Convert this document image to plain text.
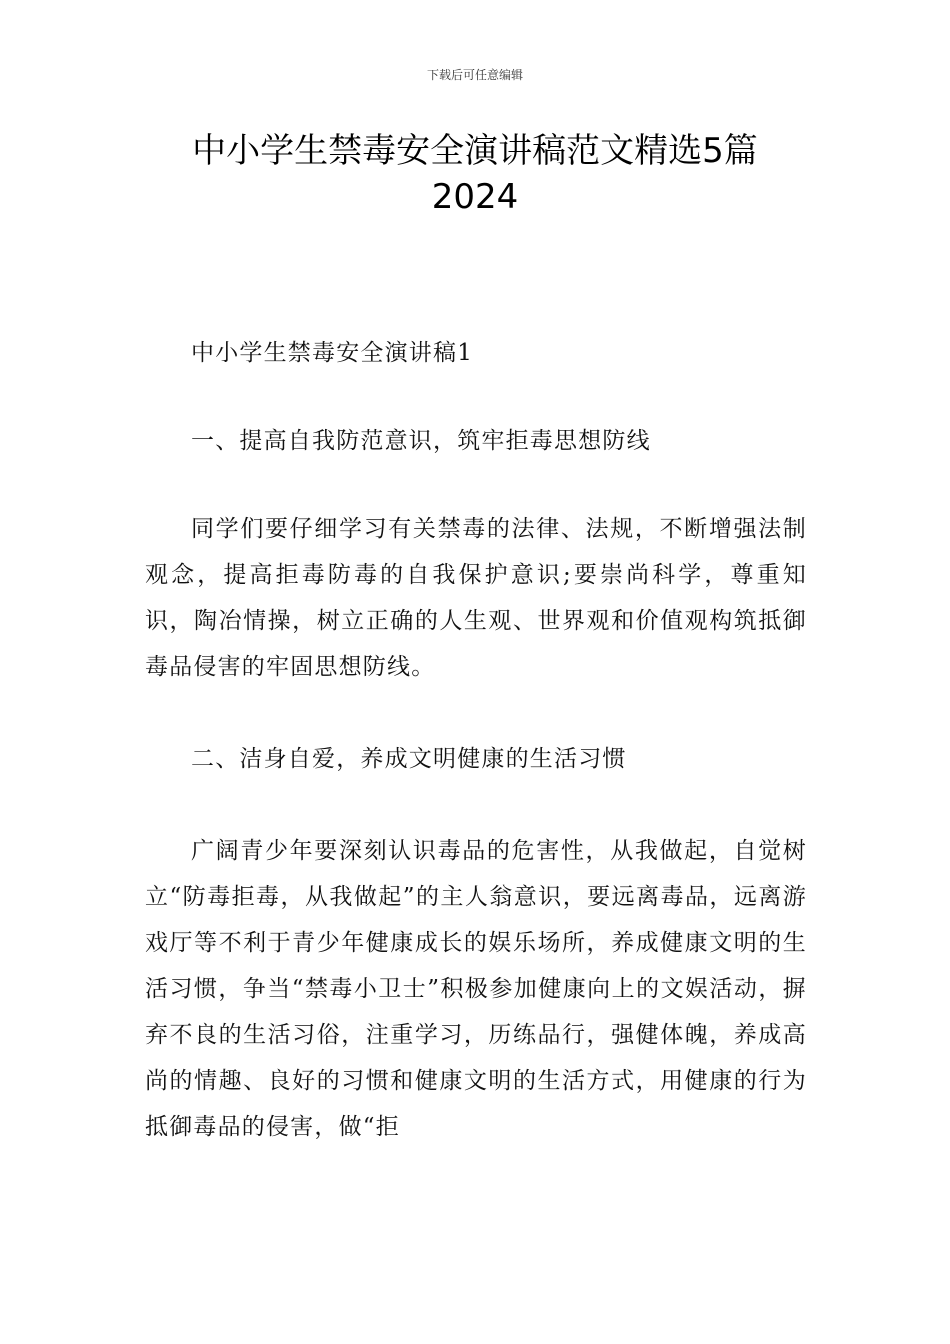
下载后可任意编辑
中小学生禁毒安全演讲稿范文精选5篇
2024

中小学生禁毒安全演讲稿1

一、提高自我防范意识，筑牢拒毒思想防线

同学们要仔细学习有关禁毒的法律、法规，不断增强法制观念，提高拒毒防毒的自我保护意识;要崇尚科学，尊重知识，陶冶情操，树立正确的人生观、世界观和价值观构筑抵御毒品侵害的牢固思想防线。

二、洁身自爱，养成文明健康的生活习惯

广阔青少年要深刻认识毒品的危害性，从我做起，自觉树立“防毒拒毒，从我做起”的主人翁意识，要远离毒品，远离游戏厅等不利于青少年健康成长的娱乐场所，养成健康文明的生活习惯，争当“禁毒小卫士”积极参加健康向上的文娱活动，摒弃不良的生活习俗，注重学习，历练品行，强健体魄，养成高尚的情趣、良好的习惯和健康文明的生活方式，用健康的行为抵御毒品的侵害，做“拒
